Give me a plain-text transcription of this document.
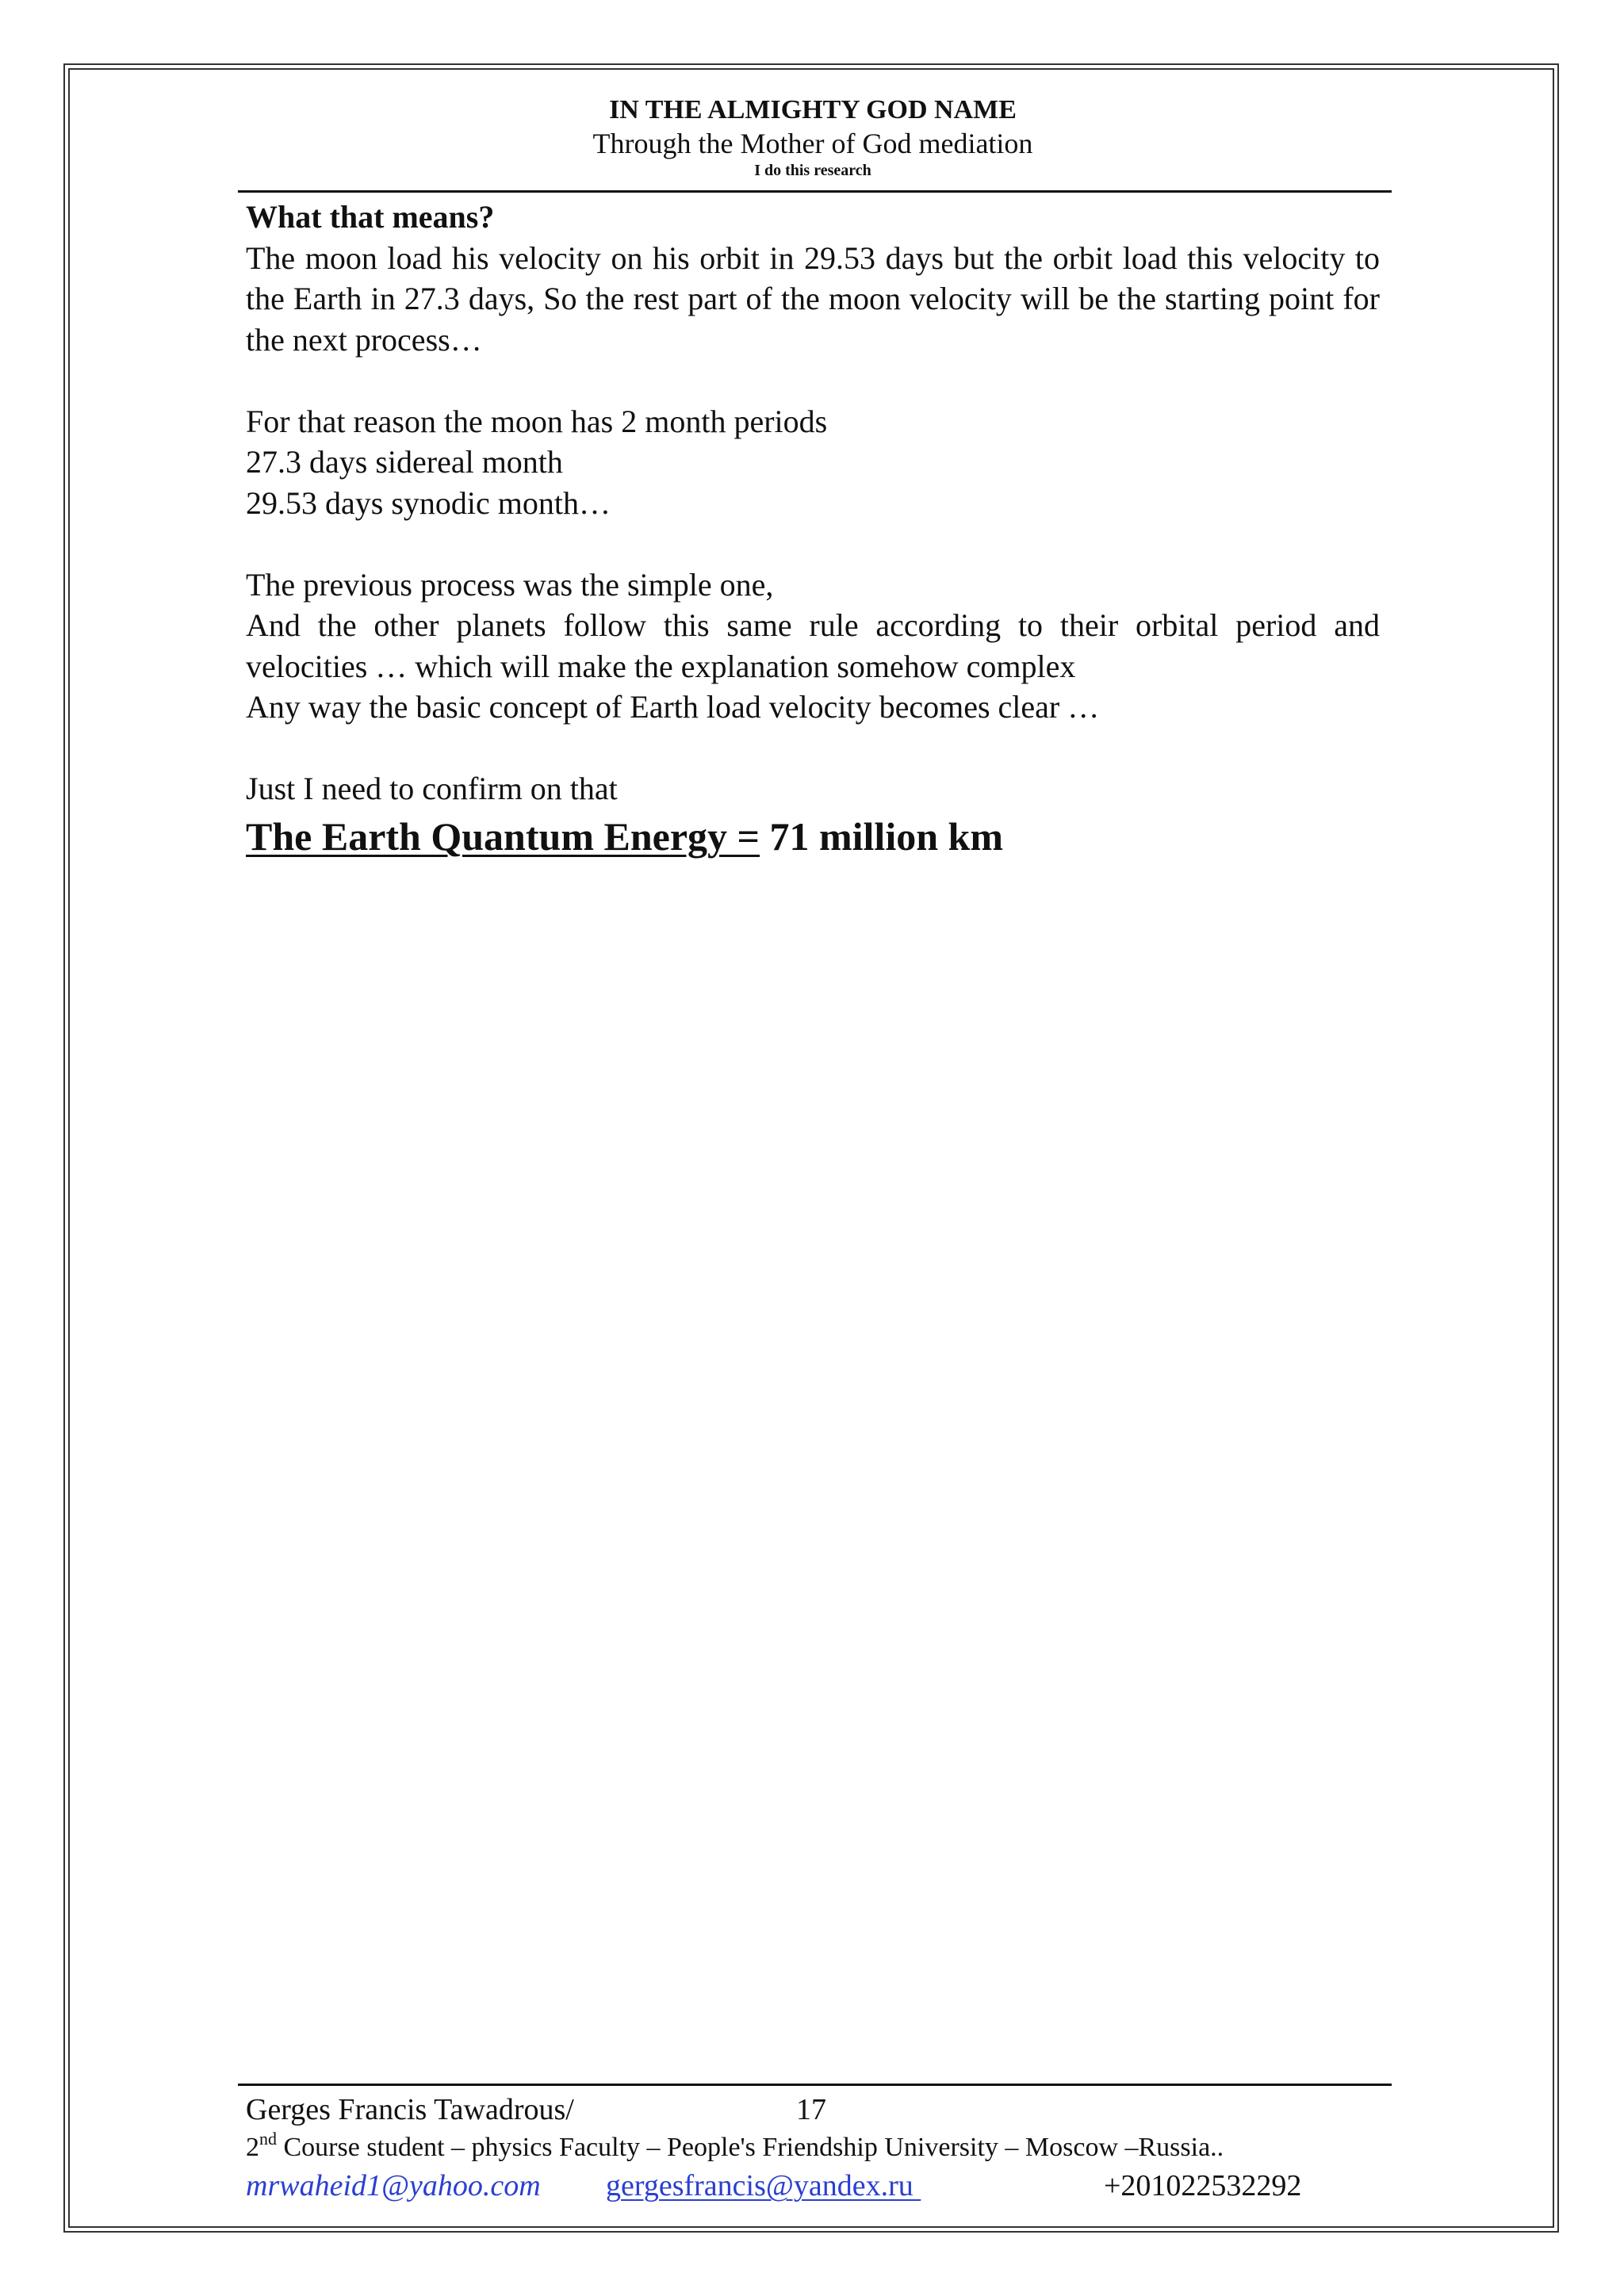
IN THE ALMIGHTY GOD NAME
Through the Mother of God mediation
I do this research

What that means?

The moon load his velocity on his orbit in 29.53 days but the orbit load this velocity to the Earth in 27.3 days, So the rest part of the moon velocity will be the starting point for the next process…

For that reason the moon has 2 month periods

27.3 days sidereal month

29.53 days synodic month…

The previous process was the simple one,

And the other planets follow this same rule according to their orbital period and velocities … which will make the explanation somehow complex

Any way the basic concept of Earth load velocity becomes clear …

Just I need to confirm on that

The Earth Quantum Energy = 71 million km
Gerges Francis Tawadrous/	17
2nd Course student – physics Faculty – People's Friendship University – Moscow –Russia..
mrwaheid1@yahoo.com gergesfrancis@yandex.ru	+201022532292
